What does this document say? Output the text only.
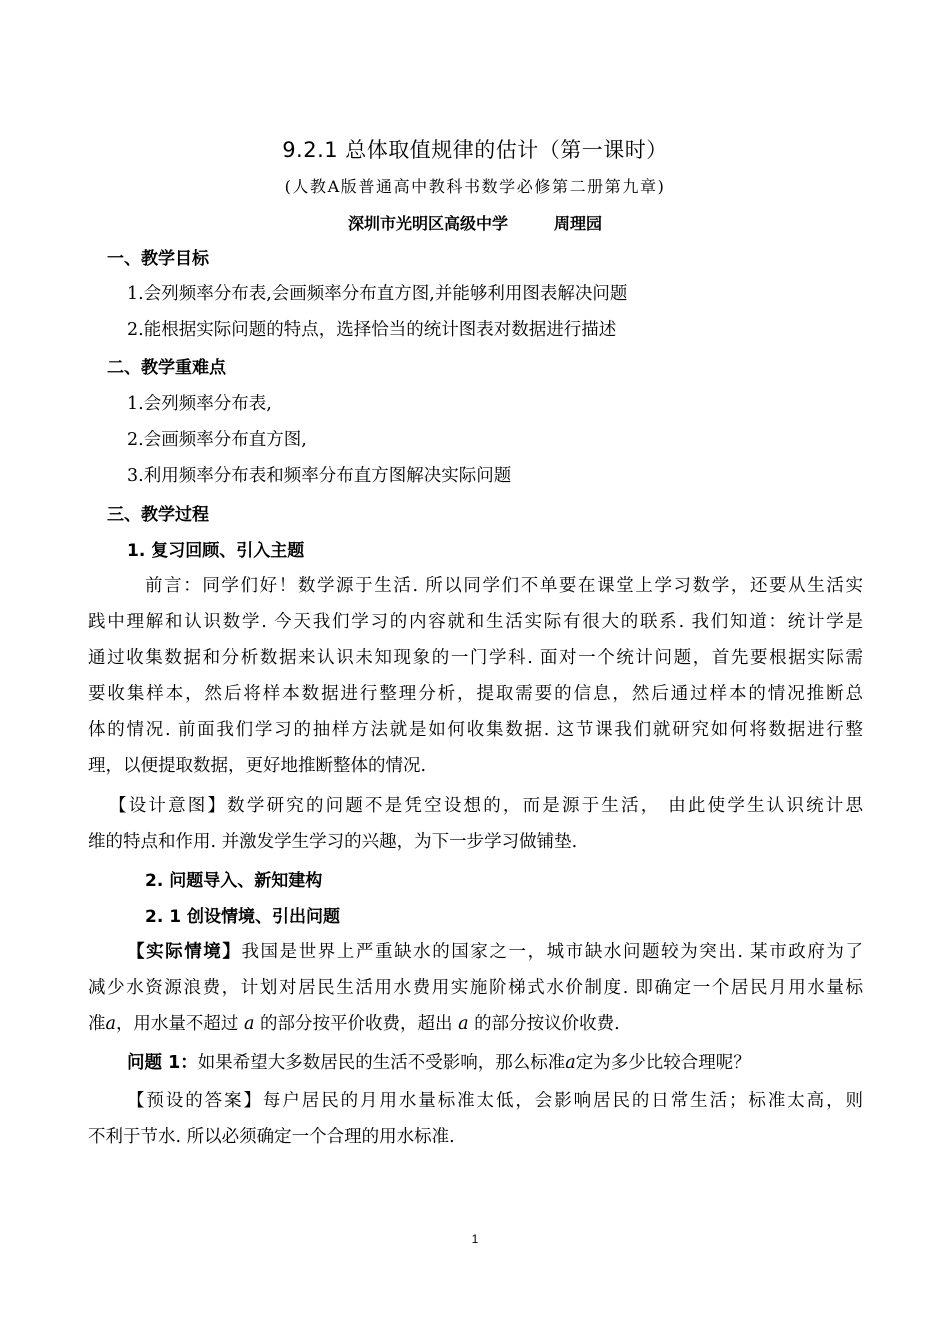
9.2.1 总体取值规律的估计（第一课时）
(人教A版普通高中教科书数学必修第二册第九章)
深圳市光明区高级中学	周理园
一、教学目标
1.会列频率分布表,会画频率分布直方图,并能够利用图表解决问题
2.能根据实际问题的特点，选择恰当的统计图表对数据进行描述
二、教学重难点
1.会列频率分布表,
2.会画频率分布直方图,
3.利用频率分布表和频率分布直方图解决实际问题
三、教学过程
1. 复习回顾、引入主题
前言：同学们好！数学源于生活. 所以同学们不单要在课堂上学习数学，还要从生活实
践中理解和认识数学. 今天我们学习的内容就和生活实际有很大的联系. 我们知道：统计学是
通过收集数据和分析数据来认识未知现象的一门学科. 面对一个统计问题，首先要根据实际需
要收集样本，然后将样本数据进行整理分析，提取需要的信息，然后通过样本的情况推断总
体的情况. 前面我们学习的抽样方法就是如何收集数据. 这节课我们就研究如何将数据进行整
理，以便提取数据，更好地推断整体的情况.
【设计意图】数学研究的问题不是凭空设想的，而是源于生活， 由此使学生认识统计思
维的特点和作用. 并激发学生学习的兴趣，为下一步学习做铺垫.
2. 问题导入、新知建构
2. 1 创设情境、引出问题
【实际情境】我国是世界上严重缺水的国家之一，城市缺水问题较为突出. 某市政府为了
减少水资源浪费，计划对居民生活用水费用实施阶梯式水价制度. 即确定一个居民月用水量标
准a，用水量不超过 a 的部分按平价收费，超出 a 的部分按议价收费.
问题 1：如果希望大多数居民的生活不受影响，那么标准a定为多少比较合理呢？
【预设的答案】每户居民的月用水量标准太低，会影响居民的日常生活；标准太高，则
不利于节水. 所以必须确定一个合理的用水标准.
1
